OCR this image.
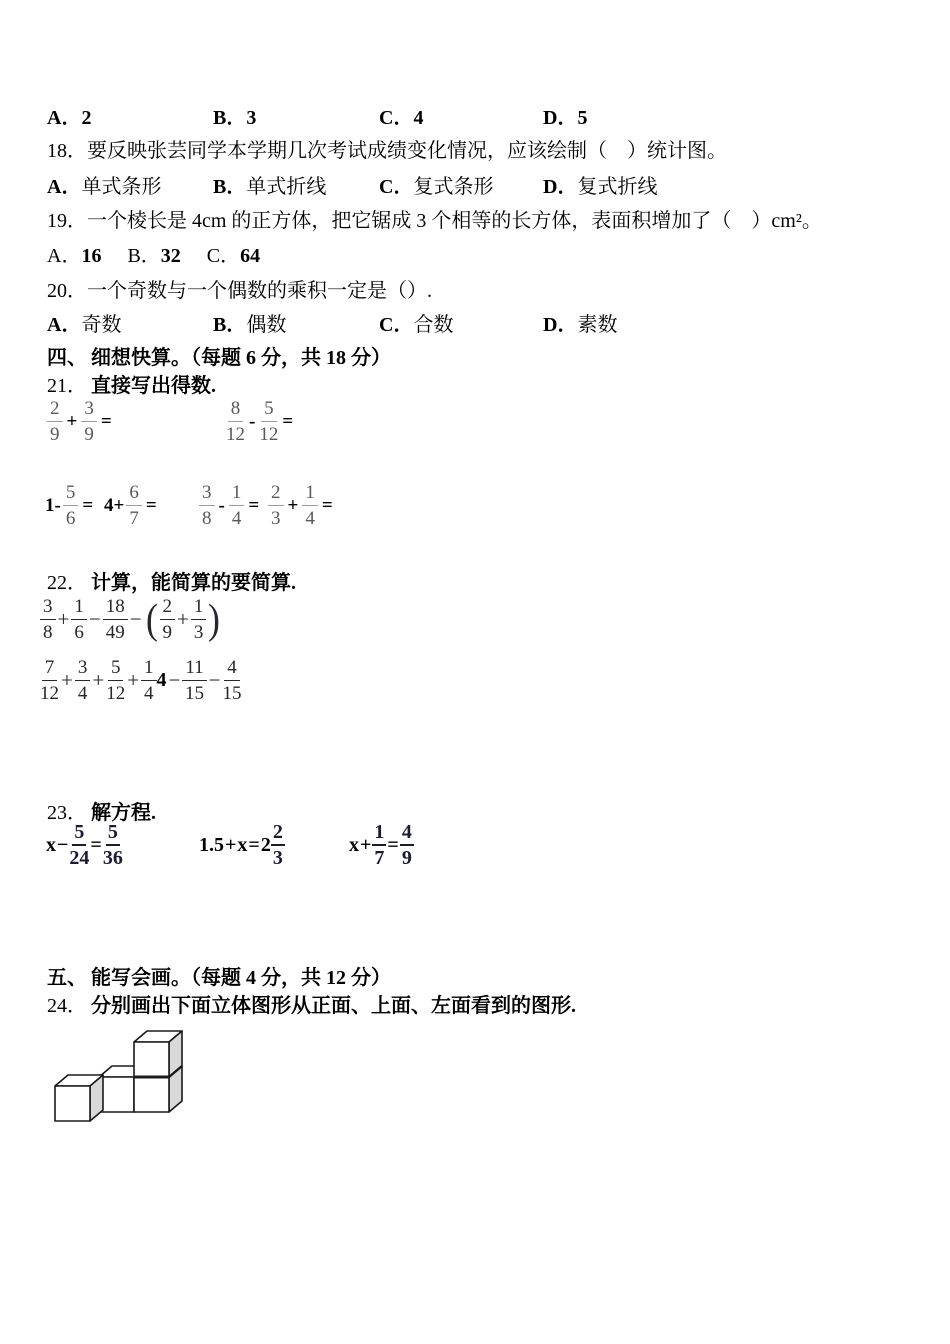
A．2	B．3	C．4	D．5
18．要反映张芸同学本学期几次考试成绩变化情况，应该绘制（　）统计图。
A．单式条形	B．单式折线	C．复式条形 D．复式折线
19．一个棱长是 4cm 的正方体，把它锯成 3 个相等的长方体，表面积增加了（　）cm²。
A．16 B．32 C．64
20．一个奇数与一个偶数的乘积一定是（）.
A．奇数	B．偶数	C．合数	D．素数
四、 细想快算。（每题 6 分，共 18 分）
21． 直接写出得数.
$\frac{2}{9} + \frac{3}{9}$ =	$\frac{8}{12} - \frac{5}{12}$ =
$1- \frac{5}{6} = 4+ \frac{6}{7} = \frac{3}{8} - \frac{1}{4} = \frac{2}{3} + \frac{1}{4}$ =
22． 计算，能简算的要简算.
$\frac{3}{8} + \frac{1}{6} - \frac{18}{49}$ − ( $\frac{2}{9} + \frac{1}{3}$ )
$\frac{7}{12} + \frac{3}{4} + \frac{5}{12} + \frac{1}{4} 4 - \frac{11}{15} - \frac{4}{15}$
23． 解方程.
$x - \frac{5}{24} = \frac{5}{36}$	$1.5 + x = 2 \frac{2}{3}$	$x + \frac{1}{7} = \frac{4}{9}$
五、 能写会画。（每题 4 分，共 12 分）
24． 分别画出下面立体图形从正面、上面、左面看到的图形.
